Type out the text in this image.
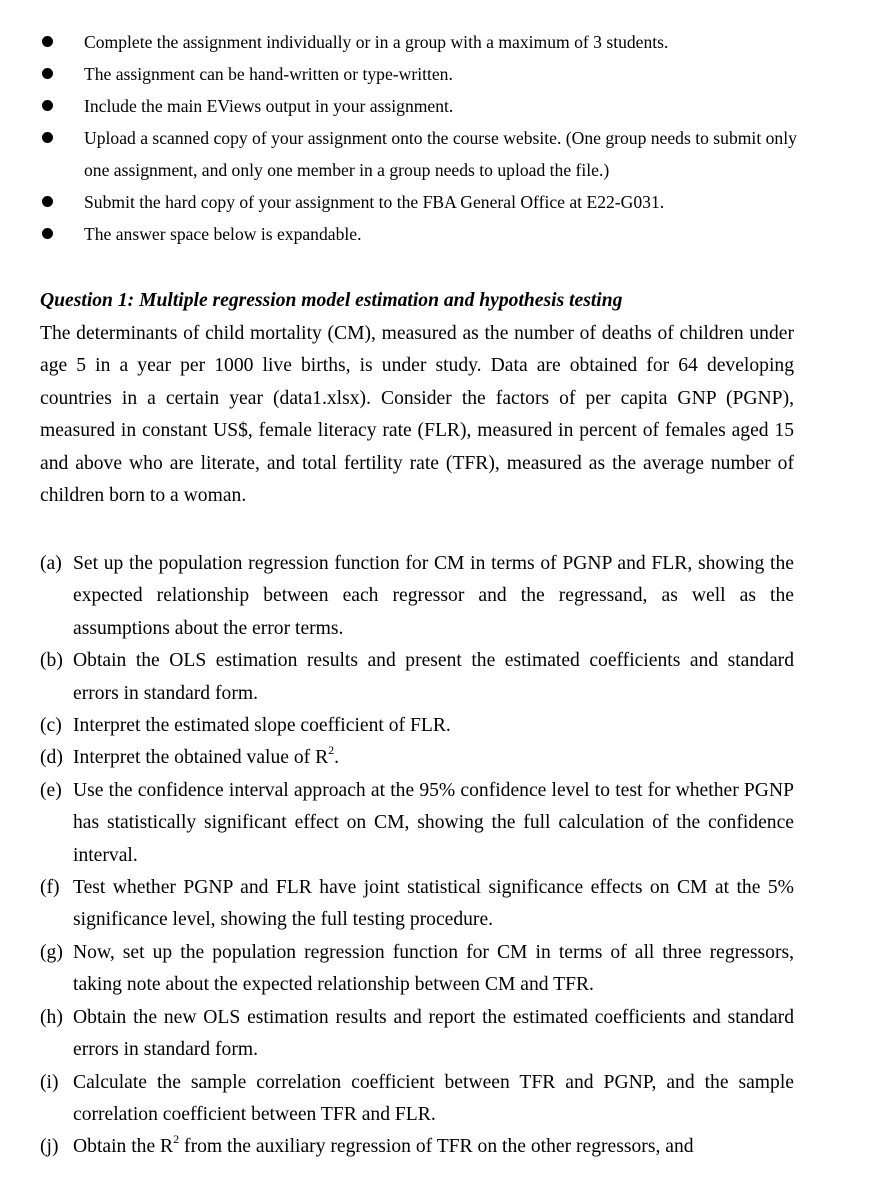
Complete the assignment individually or in a group with a maximum of 3 students.
The assignment can be hand-written or type-written.
Include the main EViews output in your assignment.
Upload a scanned copy of your assignment onto the course website. (One group needs to submit only one assignment, and only one member in a group needs to upload the file.)
Submit the hard copy of your assignment to the FBA General Office at E22-G031.
The answer space below is expandable.

Question 1: Multiple regression model estimation and hypothesis testing

The determinants of child mortality (CM), measured as the number of deaths of children under age 5 in a year per 1000 live births, is under study. Data are obtained for 64 developing countries in a certain year (data1.xlsx). Consider the factors of per capita GNP (PGNP), measured in constant US$, female literacy rate (FLR), measured in percent of females aged 15 and above who are literate, and total fertility rate (TFR), measured as the average number of children born to a woman.

(a) Set up the population regression function for CM in terms of PGNP and FLR, showing the expected relationship between each regressor and the regressand, as well as the assumptions about the error terms.
(b) Obtain the OLS estimation results and present the estimated coefficients and standard errors in standard form.
(c) Interpret the estimated slope coefficient of FLR.
(d) Interpret the obtained value of $R^2$.
(e) Use the confidence interval approach at the 95% confidence level to test for whether PGNP has statistically significant effect on CM, showing the full calculation of the confidence interval.
(f) Test whether PGNP and FLR have joint statistical significance effects on CM at the 5% significance level, showing the full testing procedure.
(g) Now, set up the population regression function for CM in terms of all three regressors, taking note about the expected relationship between CM and TFR.
(h) Obtain the new OLS estimation results and report the estimated coefficients and standard errors in standard form.
(i) Calculate the sample correlation coefficient between TFR and PGNP, and the sample correlation coefficient between TFR and FLR.
(j) Obtain the $R^2$ from the auxiliary regression of TFR on the other regressors, and
